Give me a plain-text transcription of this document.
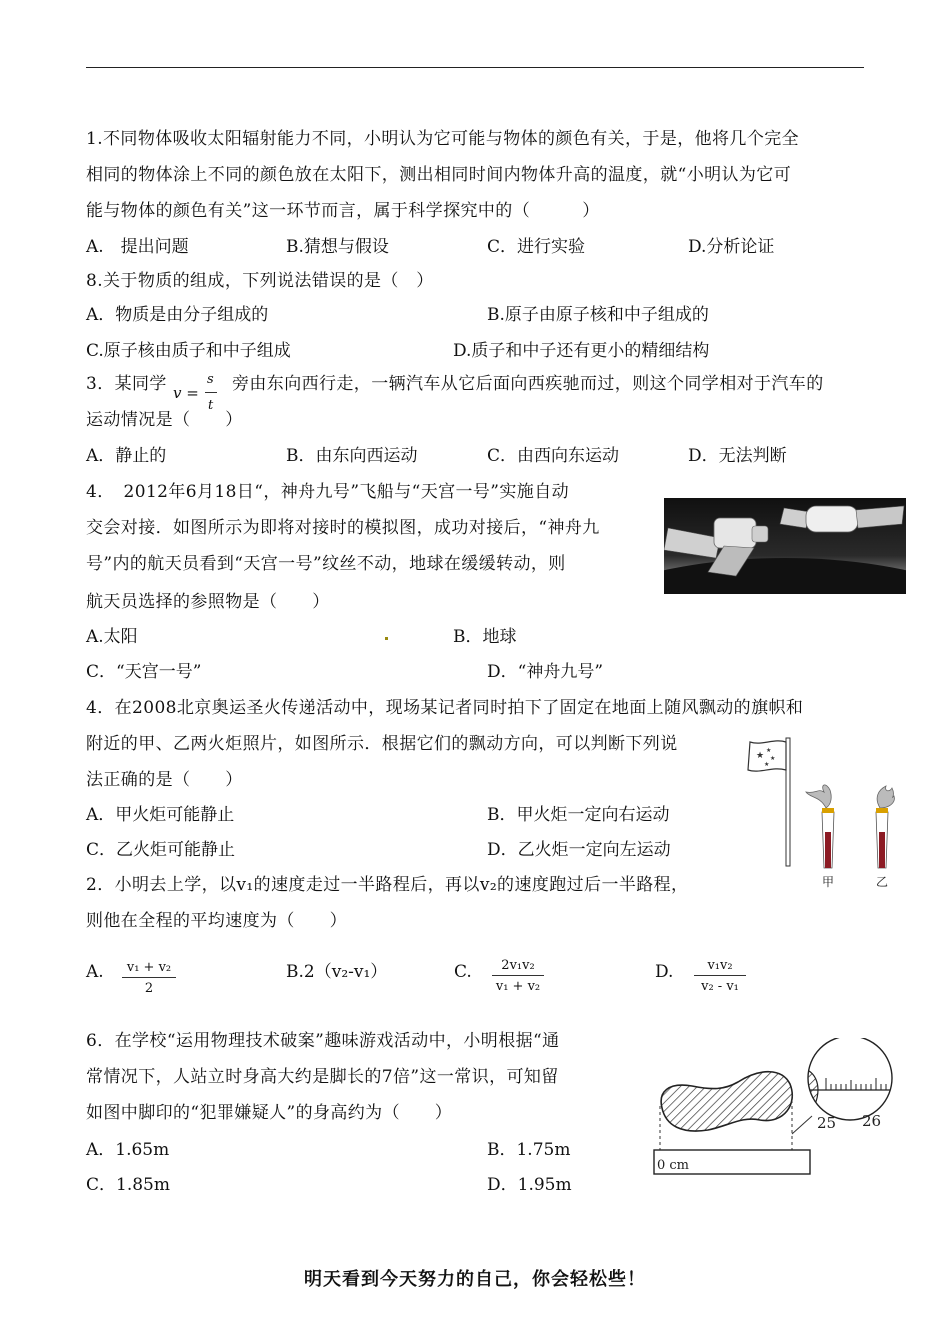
1.不同物体吸收太阳辐射能力不同，小明认为它可能与物体的颜色有关，于是，他将几个完全
相同的物体涂上不同的颜色放在太阳下，测出相同时间内物体升高的温度，就“小明认为它可
能与物体的颜色有关”这一环节而言，属于科学探究中的（　　　）
A.　提出问题	B.猜想与假设	C．进行实验	D.分析论证
8.关于物质的组成，下列说法错误的是（　）
A．物质是由分子组成的	B.原子由原子核和中子组成的
C.原子核由质子和中子组成	D.质子和中子还有更小的精细结构
3．某同学 v =
s
t
旁由东向西行走，一辆汽车从它后面向西疾驰而过，则这个同学相对于汽车的
运动情况是（　　）
A．静止的	B．由东向西运动	C．由西向东运动	D．无法判断
4．　2012年6月18日“，神舟九号”飞船与“天宫一号”实施自动
交会对接．如图所示为即将对接时的模拟图，成功对接后，“神舟九
号”内的航天员看到“天宫一号”纹丝不动，地球在缓缓转动，则
航天员选择的参照物是（　　）
A.太阳	B．地球
C．“天宫一号”	D．“神舟九号”
4．在2008北京奥运圣火传递活动中，现场某记者同时拍下了固定在地面上随风飘动的旗帜和
附近的甲、乙两火炬照片，如图所示．根据它们的飘动方向，可以判断下列说
法正确的是（　　）
A．甲火炬可能静止	B．甲火炬一定向右运动
C．乙火炬可能静止	D．乙火炬一定向左运动
★
★
★
★
甲	乙
2．小明去上学，以v₁的速度走过一半路程后，再以v₂的速度跑过后一半路程，
则他在全程的平均速度为（　　）
A. $\frac{\text{v₁ + v₂}}{2}$	B.2（v₂-v₁）	C. $\frac{\text{2v₁v₂}}{\text{v₁ + v₂}}$	D. $\frac{\text{v₁v₂}}{\text{v₂ - v₁}}$
6．在学校“运用物理技术破案”趣味游戏活动中，小明根据“通
常情况下，人站立时身高大约是脚长的7倍”这一常识，可知留
如图中脚印的“犯罪嫌疑人”的身高约为（　　）
A．1.65m	B．1.75m
C．1.85m	D．1.95m
0 cm
25 26
明天看到今天努力的自己，你会轻松些！
